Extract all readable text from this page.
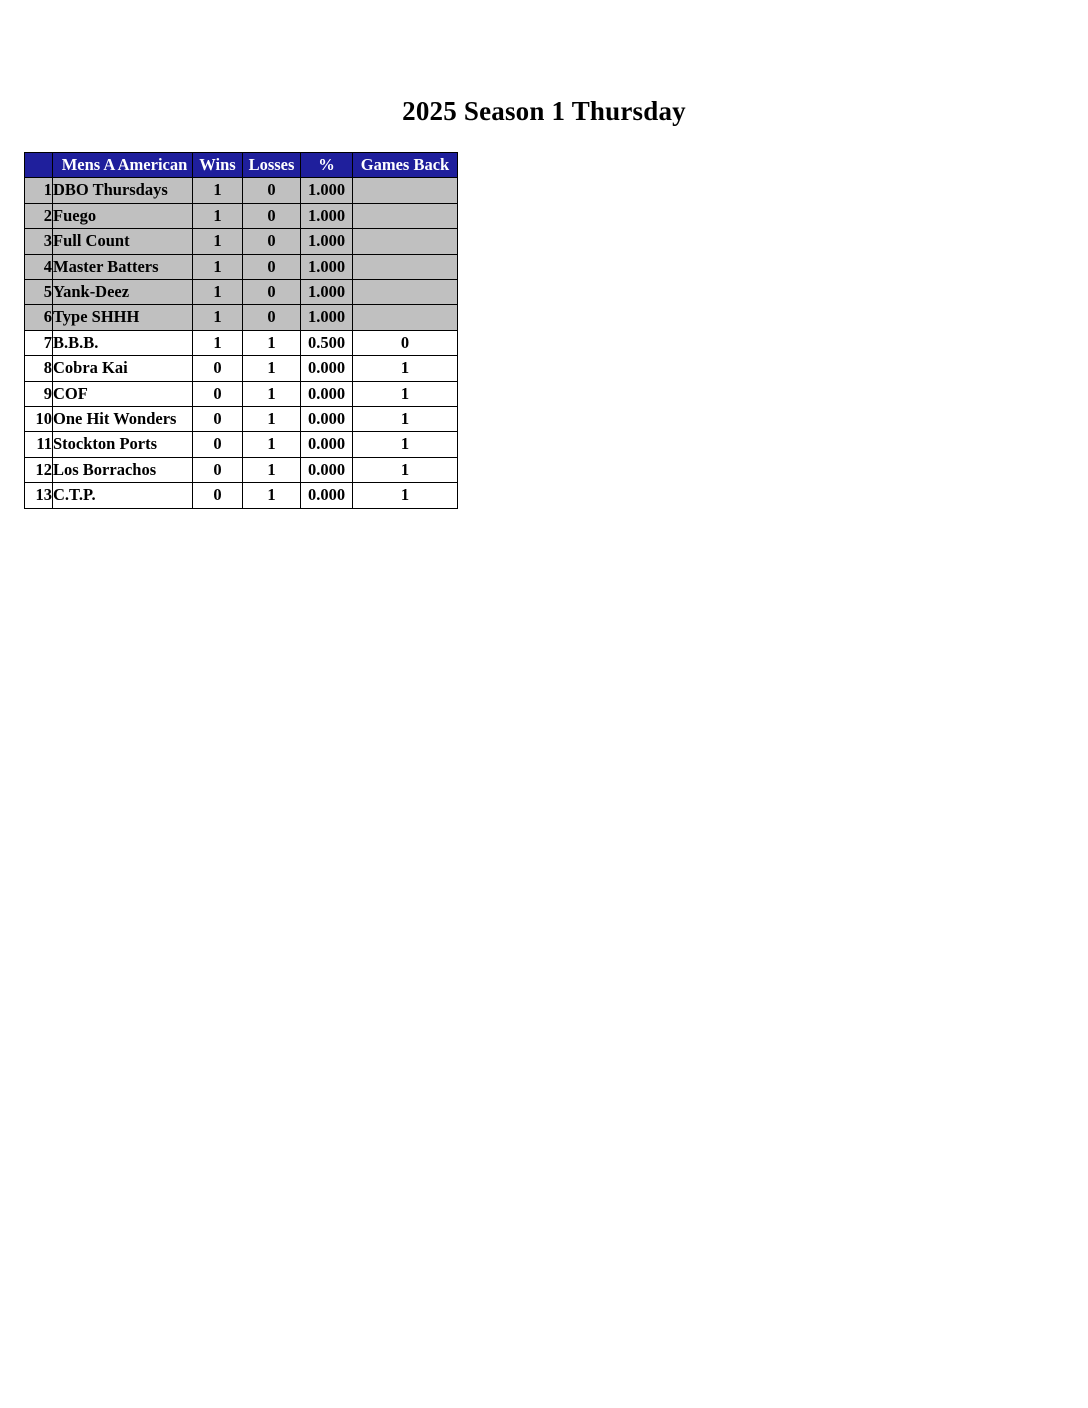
2025 Season 1 Thursday
	Mens A American	Wins	Losses	%	Games Back
1	DBO Thursdays	1	0	1.000	
2	Fuego	1	0	1.000	
3	Full Count	1	0	1.000	
4	Master Batters	1	0	1.000	
5	Yank-Deez	1	0	1.000	
6	Type SHHH	1	0	1.000	
7	B.B.B.	1	1	0.500	0
8	Cobra Kai	0	1	0.000	1
9	COF	0	1	0.000	1
10	One Hit Wonders	0	1	0.000	1
11	Stockton Ports	0	1	0.000	1
12	Los Borrachos	0	1	0.000	1
13	C.T.P.	0	1	0.000	1
